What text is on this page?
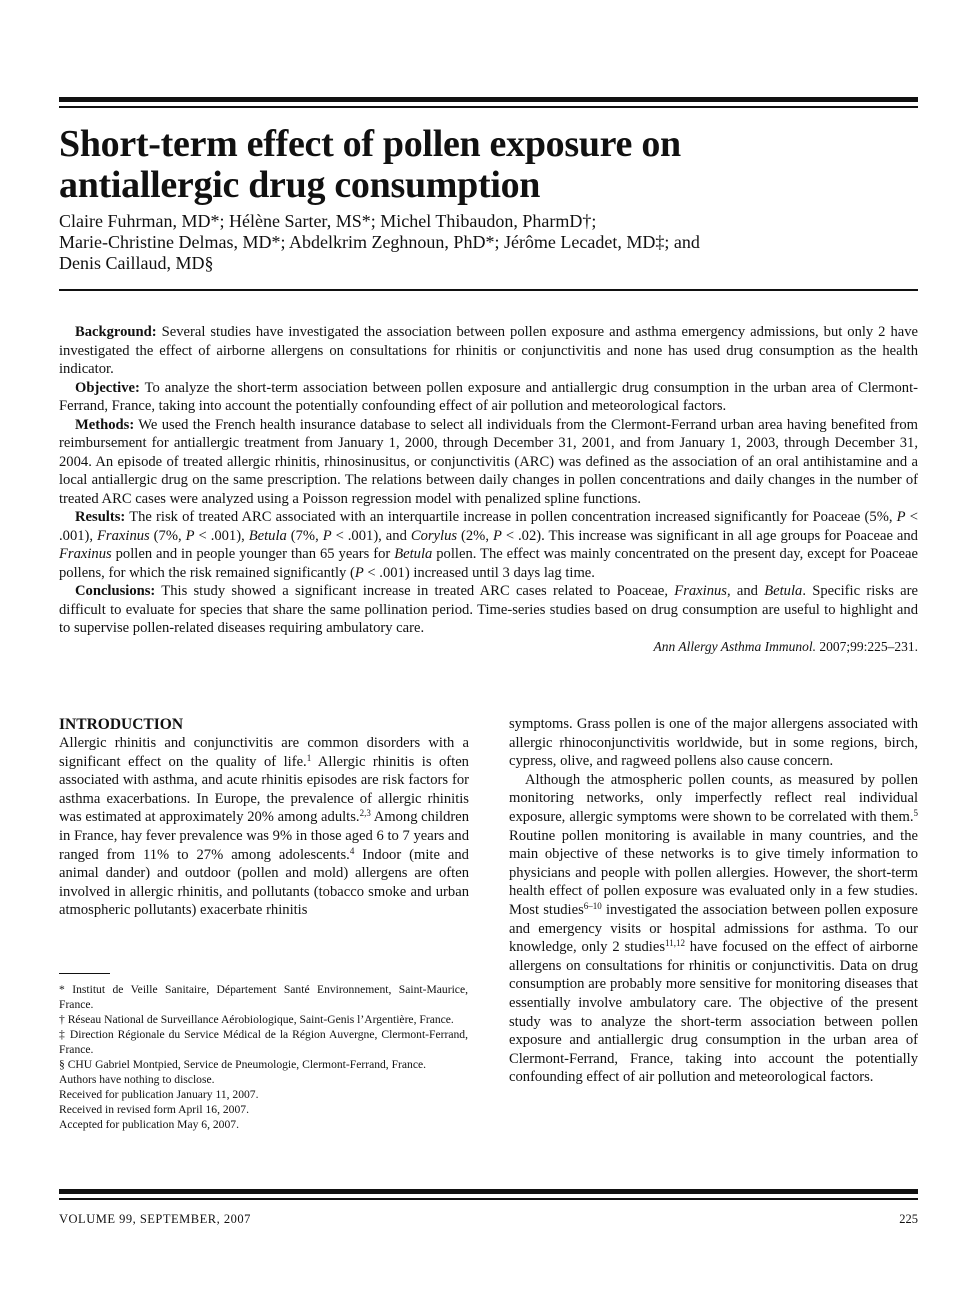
Short-term effect of pollen exposure on
antiallergic drug consumption
Claire Fuhrman, MD*; Hélène Sarter, MS*; Michel Thibaudon, PharmD†;
Marie-Christine Delmas, MD*; Abdelkrim Zeghnoun, PhD*; Jérôme Lecadet, MD‡; and
Denis Caillaud, MD§

Background: Several studies have investigated the association between pollen exposure and asthma emergency admissions, but only 2 have investigated the effect of airborne allergens on consultations for rhinitis or conjunctivitis and none has used drug consumption as the health indicator.

Objective: To analyze the short-term association between pollen exposure and antiallergic drug consumption in the urban area of Clermont-Ferrand, France, taking into account the potentially confounding effect of air pollution and meteorological factors.

Methods: We used the French health insurance database to select all individuals from the Clermont-Ferrand urban area having benefited from reimbursement for antiallergic treatment from January 1, 2000, through December 31, 2001, and from January 1, 2003, through December 31, 2004. An episode of treated allergic rhinitis, rhinosinusitus, or conjunctivitis (ARC) was defined as the association of an oral antihistamine and a local antiallergic drug on the same prescription. The relations between daily changes in pollen concentrations and daily changes in the number of treated ARC cases were analyzed using a Poisson regression model with penalized spline functions.

Results: The risk of treated ARC associated with an interquartile increase in pollen concentration increased significantly for Poaceae (5%, P < .001), Fraxinus (7%, P < .001), Betula (7%, P < .001), and Corylus (2%, P < .02). This increase was significant in all age groups for Poaceae and Fraxinus pollen and in people younger than 65 years for Betula pollen. The effect was mainly concentrated on the present day, except for Poaceae pollens, for which the risk remained significantly (P < .001) increased until 3 days lag time.

Conclusions: This study showed a significant increase in treated ARC cases related to Poaceae, Fraxinus, and Betula. Specific risks are difficult to evaluate for species that share the same pollination period. Time-series studies based on drug consumption are useful to highlight and to supervise pollen-related diseases requiring ambulatory care.

Ann Allergy Asthma Immunol. 2007;99:225–231.

INTRODUCTION

Allergic rhinitis and conjunctivitis are common disorders with a significant effect on the quality of life.$^1$ Allergic rhinitis is often associated with asthma, and acute rhinitis episodes are risk factors for asthma exacerbations. In Europe, the prevalence of allergic rhinitis was estimated at approximately 20% among adults.$^{2,3}$ Among children in France, hay fever prevalence was 9% in those aged 6 to 7 years and ranged from 11% to 27% among adolescents.$^4$ Indoor (mite and animal dander) and outdoor (pollen and mold) allergens are often involved in allergic rhinitis, and pollutants (tobacco smoke and urban atmospheric pollutants) exacerbate rhinitis

* Institut de Veille Sanitaire, Département Santé Environnement, Saint-Maurice, France.
† Réseau National de Surveillance Aérobiologique, Saint-Genis l’Argentière, France.
‡ Direction Régionale du Service Médical de la Région Auvergne, Clermont-Ferrand, France.
§ CHU Gabriel Montpied, Service de Pneumologie, Clermont-Ferrand, France.
Authors have nothing to disclose.
Received for publication January 11, 2007.
Received in revised form April 16, 2007.
Accepted for publication May 6, 2007.

symptoms. Grass pollen is one of the major allergens associated with allergic rhinoconjunctivitis worldwide, but in some regions, birch, cypress, olive, and ragweed pollens also cause concern.

Although the atmospheric pollen counts, as measured by pollen monitoring networks, only imperfectly reflect real individual exposure, allergic symptoms were shown to be correlated with them.$^5$ Routine pollen monitoring is available in many countries, and the main objective of these networks is to give timely information to physicians and people with pollen allergies. However, the short-term health effect of pollen exposure was evaluated only in a few studies. Most studies$^{6-10}$ investigated the association between pollen exposure and emergency visits or hospital admissions for asthma. To our knowledge, only 2 studies$^{11,12}$ have focused on the effect of airborne allergens on consultations for rhinitis or conjunctivitis. Data on drug consumption are probably more sensitive for monitoring diseases that essentially involve ambulatory care. The objective of the present study was to analyze the short-term association between pollen exposure and antiallergic drug consumption in the urban area of Clermont-Ferrand, France, taking into account the potentially confounding effect of air pollution and meteorological factors.

VOLUME 99, SEPTEMBER, 2007	225
